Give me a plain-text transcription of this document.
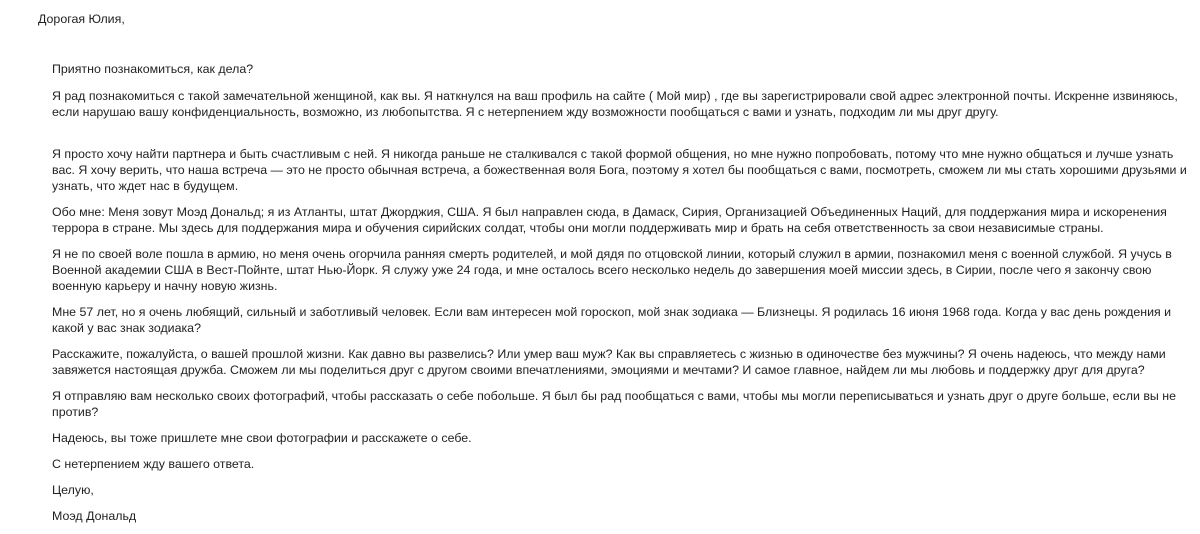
Дорогая Юлия,

Приятно познакомиться, как дела?

Я рад познакомиться с такой замечательной женщиной, как вы. Я наткнулся на ваш профиль на сайте ( Мой мир) , где вы зарегистрировали свой адрес электронной почты. Искренне извиняюсь, если нарушаю вашу конфиденциальность, возможно, из любопытства. Я с нетерпением жду возможности пообщаться с вами и узнать, подходим ли мы друг другу.

Я просто хочу найти партнера и быть счастливым с ней. Я никогда раньше не сталкивался с такой формой общения, но мне нужно попробовать, потому что мне нужно общаться и лучше узнать вас. Я хочу верить, что наша встреча — это не просто обычная встреча, а божественная воля Бога, поэтому я хотел бы пообщаться с вами, посмотреть, сможем ли мы стать хорошими друзьями и узнать, что ждет нас в будущем.

Обо мне: Меня зовут Моэд Дональд; я из Атланты, штат Джорджия, США. Я был направлен сюда, в Дамаск, Сирия, Организацией Объединенных Наций, для поддержания мира и искоренения террора в стране. Мы здесь для поддержания мира и обучения сирийских солдат, чтобы они могли поддерживать мир и брать на себя ответственность за свои независимые страны.

Я не по своей воле пошла в армию, но меня очень огорчила ранняя смерть родителей, и мой дядя по отцовской линии, который служил в армии, познакомил меня с военной службой. Я учусь в Военной академии США в Вест-Пойнте, штат Нью-Йорк. Я служу уже 24 года, и мне осталось всего несколько недель до завершения моей миссии здесь, в Сирии, после чего я закончу свою военную карьеру и начну новую жизнь.

Мне 57 лет, но я очень любящий, сильный и заботливый человек. Если вам интересен мой гороскоп, мой знак зодиака — Близнецы. Я родилась 16 июня 1968 года. Когда у вас день рождения и какой у вас знак зодиака?

Расскажите, пожалуйста, о вашей прошлой жизни. Как давно вы развелись? Или умер ваш муж? Как вы справляетесь с жизнью в одиночестве без мужчины? Я очень надеюсь, что между нами завяжется настоящая дружба. Сможем ли мы поделиться друг с другом своими впечатлениями, эмоциями и мечтами? И самое главное, найдем ли мы любовь и поддержку друг для друга?

Я отправляю вам несколько своих фотографий, чтобы рассказать о себе побольше. Я был бы рад пообщаться с вами, чтобы мы могли переписываться и узнать друг о друге больше, если вы не против?

Надеюсь, вы тоже пришлете мне свои фотографии и расскажете о себе.

С нетерпением жду вашего ответа.

Целую,

Моэд Дональд
